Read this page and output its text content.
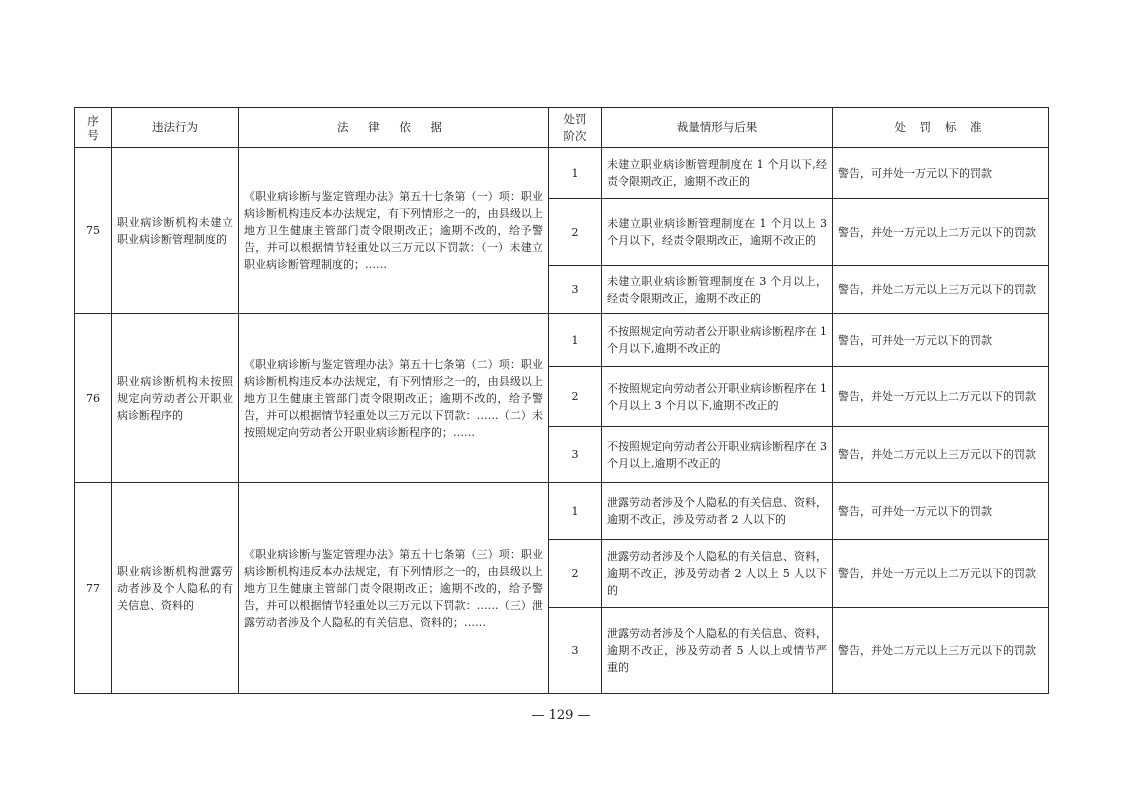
序号
违法行为	法 律 依 据
处罚
阶次
裁量情形与后果	处 罚 标 准
75
职业病诊断机构未建立职业病诊断管理制度的
《职业病诊断与鉴定管理办法》第五十七条第（一）项：职业病诊断机构违反本办法规定，有下列情形之一的，由县级以上地方卫生健康主管部门责令限期改正；逾期不改的，给予警告，并可以根据情节轻重处以三万元以下罚款：（一）未建立职业病诊断管理制度的；……
1
未建立职业病诊断管理制度在 1 个月以下,经责令限期改正，逾期不改正的
警告，可并处一万元以下的罚款
2
未建立职业病诊断管理制度在 1 个月以上 3 个月以下，经责令限期改正，逾期不改正的
警告，并处一万元以上二万元以下的罚款
3
未建立职业病诊断管理制度在 3 个月以上，经责令限期改正，逾期不改正的
警告，并处二万元以上三万元以下的罚款
76
职业病诊断机构未按照规定向劳动者公开职业病诊断程序的
《职业病诊断与鉴定管理办法》第五十七条第（二）项：职业病诊断机构违反本办法规定，有下列情形之一的，由县级以上地方卫生健康主管部门责令限期改正；逾期不改的，给予警告，并可以根据情节轻重处以三万元以下罚款：……（二）未按照规定向劳动者公开职业病诊断程序的；……
1
不按照规定向劳动者公开职业病诊断程序在 1 个月以下,逾期不改正的
警告，可并处一万元以下的罚款
2
不按照规定向劳动者公开职业病诊断程序在 1 个月以上 3 个月以下,逾期不改正的
警告，并处一万元以上二万元以下的罚款
3
不按照规定向劳动者公开职业病诊断程序在 3 个月以上,逾期不改正的
警告，并处二万元以上三万元以下的罚款
77
职业病诊断机构泄露劳动者涉及个人隐私的有关信息、资料的
《职业病诊断与鉴定管理办法》第五十七条第（三）项：职业病诊断机构违反本办法规定，有下列情形之一的，由县级以上地方卫生健康主管部门责令限期改正；逾期不改的，给予警告，并可以根据情节轻重处以三万元以下罚款：……（三）泄露劳动者涉及个人隐私的有关信息、资料的；……
1
泄露劳动者涉及个人隐私的有关信息、资料，逾期不改正，涉及劳动者 2 人以下的
警告，可并处一万元以下的罚款
2
泄露劳动者涉及个人隐私的有关信息、资料，逾期不改正，涉及劳动者 2 人以上 5 人以下的
警告，并处一万元以上二万元以下的罚款
3
泄露劳动者涉及个人隐私的有关信息、资料，逾期不改正，涉及劳动者 5 人以上或情节严重的
警告，并处二万元以上三万元以下的罚款
— 129 —
